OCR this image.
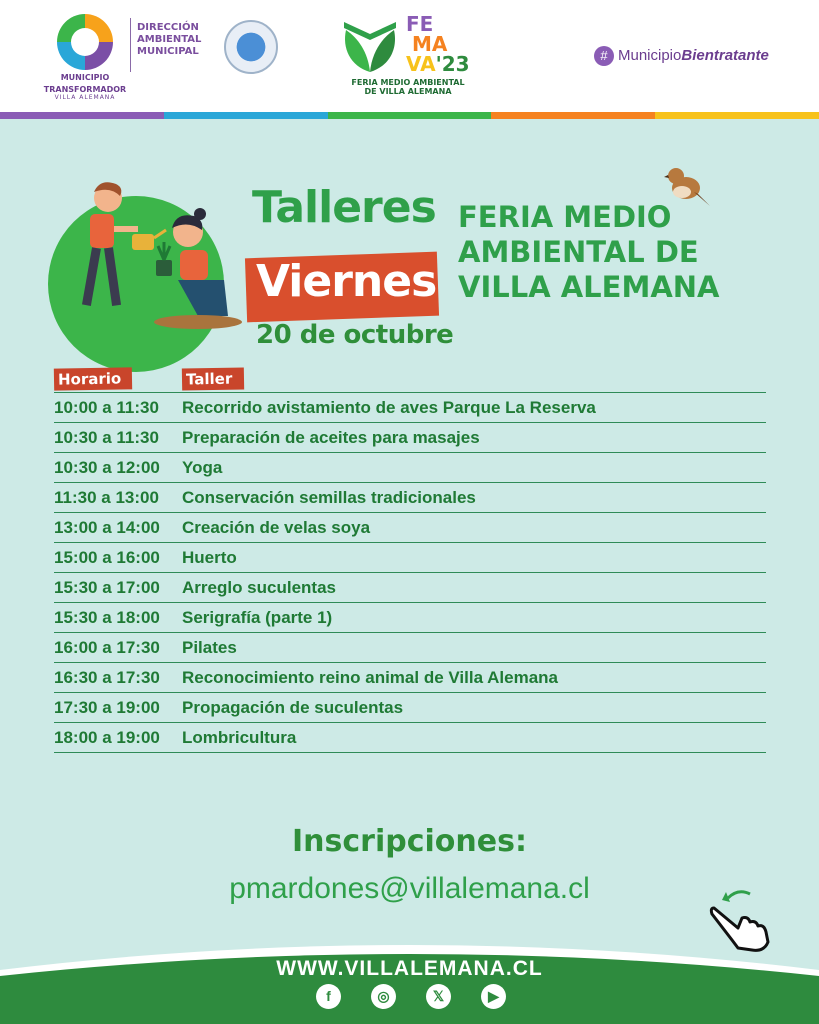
MUNICIPIO
TRANSFORMADOR
VILLA ALEMANA
DIRECCIÓN
AMBIENTAL
MUNICIPAL
FE
MA
VA'23
FERIA MEDIO AMBIENTAL
DE VILLA ALEMANA
# MunicipioBientratante
Talleres
Viernes
20 de octubre
FERIA MEDIO
AMBIENTAL DE
VILLA ALEMANA
Horario	Taller
10:00 a 11:30	Recorrido avistamiento de aves Parque La Reserva
10:30 a 11:30	Preparación de aceites para masajes
10:30 a 12:00	Yoga
11:30 a 13:00	Conservación semillas tradicionales
13:00 a 14:00	Creación de velas soya
15:00 a 16:00	Huerto
15:30 a 17:00	Arreglo suculentas
15:30 a 18:00	Serigrafía (parte 1)
16:00 a 17:30	Pilates
16:30 a 17:30	Reconocimiento reino animal de Villa Alemana
17:30 a 19:00	Propagación de suculentas
18:00 a 19:00	Lombricultura
Inscripciones:
pmardones@villalemana.cl
WWW.VILLALEMANA.CL
f	◎	𝕏	▶
